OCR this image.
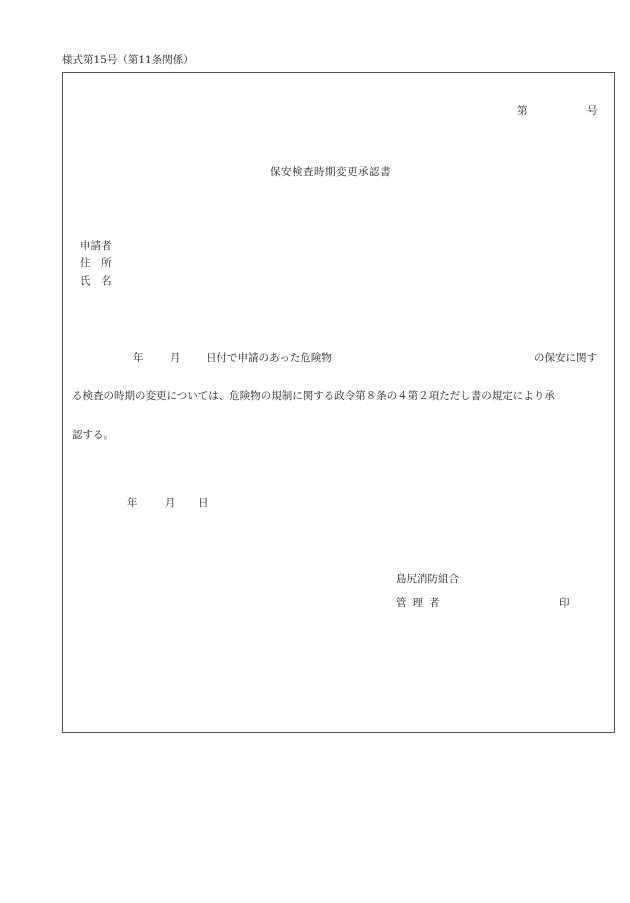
様式第15号（第11条関係）
第	号
保安検査時期変更承認書
申請者
住　所
氏　名
年	月 日付で申請のあった危険物	の保安に関す
る検査の時期の変更については、危険物の規制に関する政令第８条の４第２項ただし書の規定により承
認する。
年	月 日
島尻消防組合
管理者	印
